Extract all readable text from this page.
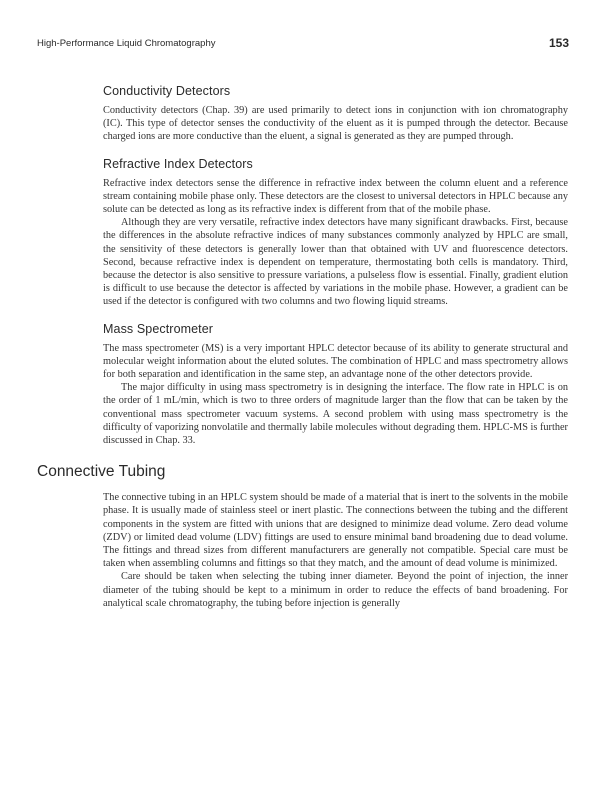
High-Performance Liquid Chromatography	153
Conductivity Detectors

Conductivity detectors (Chap. 39) are used primarily to detect ions in conjunction with ion chromatography (IC). This type of detector senses the conductivity of the eluent as it is pumped through the detector. Because charged ions are more conductive than the eluent, a signal is generated as they are pumped through.

Refractive Index Detectors

Refractive index detectors sense the difference in refractive index between the column eluent and a reference stream containing mobile phase only. These detectors are the closest to universal detectors in HPLC because any solute can be detected as long as its refractive index is different from that of the mobile phase.

Although they are very versatile, refractive index detectors have many significant drawbacks. First, because the differences in the absolute refractive indices of many substances commonly analyzed by HPLC are small, the sensitivity of these detectors is generally lower than that obtained with UV and fluorescence detectors. Second, because refractive index is dependent on temperature, thermostating both cells is mandatory. Third, because the detector is also sensitive to pressure variations, a pulseless flow is essential. Finally, gradient elution is difficult to use because the detector is affected by variations in the mobile phase. However, a gradient can be used if the detector is configured with two columns and two flowing liquid streams.

Mass Spectrometer

The mass spectrometer (MS) is a very important HPLC detector because of its ability to generate structural and molecular weight information about the eluted solutes. The combination of HPLC and mass spectrometry allows for both separation and identification in the same step, an advantage none of the other detectors provide.

The major difficulty in using mass spectrometry is in designing the interface. The flow rate in HPLC is on the order of 1 mL/min, which is two to three orders of magnitude larger than the flow that can be taken by the conventional mass spectrometer vacuum systems. A second problem with using mass spectrometry is the difficulty of vaporizing nonvolatile and thermally labile molecules without degrading them. HPLC-MS is further discussed in Chap. 33.

Connective Tubing

The connective tubing in an HPLC system should be made of a material that is inert to the solvents in the mobile phase. It is usually made of stainless steel or inert plastic. The connections between the tubing and the different components in the system are fitted with unions that are designed to minimize dead volume. Zero dead volume (ZDV) or limited dead volume (LDV) fittings are used to ensure minimal band broadening due to dead volume. The fittings and thread sizes from different manufacturers are generally not compatible. Special care must be taken when assembling columns and fittings so that they match, and the amount of dead volume is minimized.

Care should be taken when selecting the tubing inner diameter. Beyond the point of injection, the inner diameter of the tubing should be kept to a minimum in order to reduce the effects of band broadening. For analytical scale chromatography, the tubing before injection is generally
